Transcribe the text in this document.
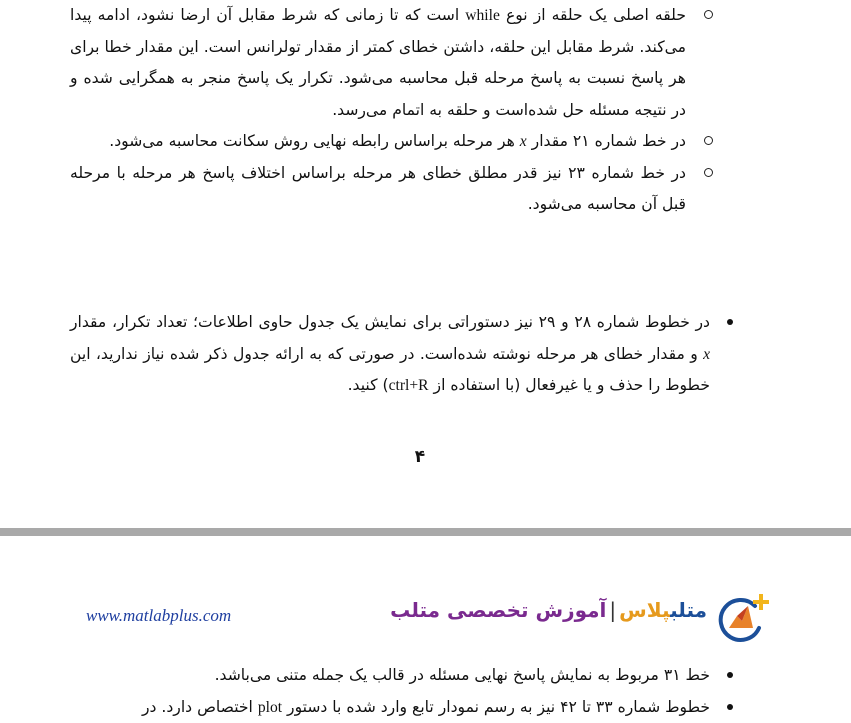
حلقه اصلی یک حلقه از نوع while است که تا زمانی که شرط مقابل آن ارضا نشود، ادامه پیدا می‌کند. شرط مقابل این حلقه، داشتن خطای کمتر از مقدار تولرانس است. این مقدار خطا برای هر پاسخ نسبت به پاسخ مرحله قبل محاسبه می‌شود. تکرار یک پاسخ منجر به همگرایی شده و در نتیجه مسئله حل شده‌است و حلقه به اتمام می‌رسد.
در خط شماره ۲۱ مقدار x هر مرحله براساس رابطه نهایی روش سکانت محاسبه می‌شود.
در خط شماره ۲۳ نیز قدر مطلق خطای هر مرحله براساس اختلاف پاسخ هر مرحله با مرحله قبل آن محاسبه می‌شود.
در خطوط شماره ۲۸ و ۲۹ نیز دستوراتی برای نمایش یک جدول حاوی اطلاعات؛ تعداد تکرار، مقدار x و مقدار خطای هر مرحله نوشته شده‌است. در صورتی که به ارائه جدول ذکر شده نیاز ندارید، این خطوط را حذف و یا غیرفعال (با استفاده از ctrl+R) کنید.
۴
www.matlabplus.com	متلبپلاس|آموزش تخصصی متلب
خط ۳۱ مربوط به نمایش پاسخ نهایی مسئله در قالب یک جمله متنی می‌باشد.
خطوط شماره ۳۳ تا ۴۲ نیز به رسم نمودار تابع وارد شده با دستور plot اختصاص دارد. در
